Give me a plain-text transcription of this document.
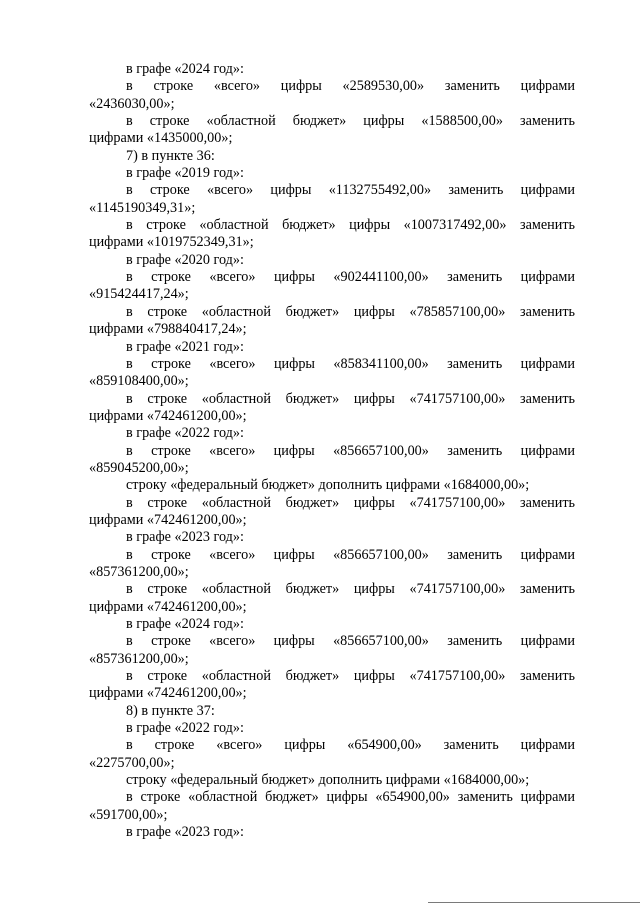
в графе «2024 год»:
в строке «всего» цифры «2589530,00» заменить цифрами
«2436030,00»;
в строке «областной бюджет» цифры «1588500,00» заменить
цифрами «1435000,00»;
7) в пункте 36:
в графе «2019 год»:
в строке «всего» цифры «1132755492,00» заменить цифрами
«1145190349,31»;
в строке «областной бюджет» цифры «1007317492,00» заменить
цифрами «1019752349,31»;
в графе «2020 год»:
в строке «всего» цифры «902441100,00» заменить цифрами
«915424417,24»;
в строке «областной бюджет» цифры «785857100,00» заменить
цифрами «798840417,24»;
в графе «2021 год»:
в строке «всего» цифры «858341100,00» заменить цифрами
«859108400,00»;
в строке «областной бюджет» цифры «741757100,00» заменить
цифрами «742461200,00»;
в графе «2022 год»:
в строке «всего» цифры «856657100,00» заменить цифрами
«859045200,00»;
строку «федеральный бюджет» дополнить цифрами «1684000,00»;
в строке «областной бюджет» цифры «741757100,00» заменить
цифрами «742461200,00»;
в графе «2023 год»:
в строке «всего» цифры «856657100,00» заменить цифрами
«857361200,00»;
в строке «областной бюджет» цифры «741757100,00» заменить
цифрами «742461200,00»;
в графе «2024 год»:
в строке «всего» цифры «856657100,00» заменить цифрами
«857361200,00»;
в строке «областной бюджет» цифры «741757100,00» заменить
цифрами «742461200,00»;
8) в пункте 37:
в графе «2022 год»:
в строке «всего» цифры «654900,00» заменить цифрами
«2275700,00»;
строку «федеральный бюджет» дополнить цифрами «1684000,00»;
в строке «областной бюджет» цифры «654900,00» заменить цифрами
«591700,00»;
в графе «2023 год»:
